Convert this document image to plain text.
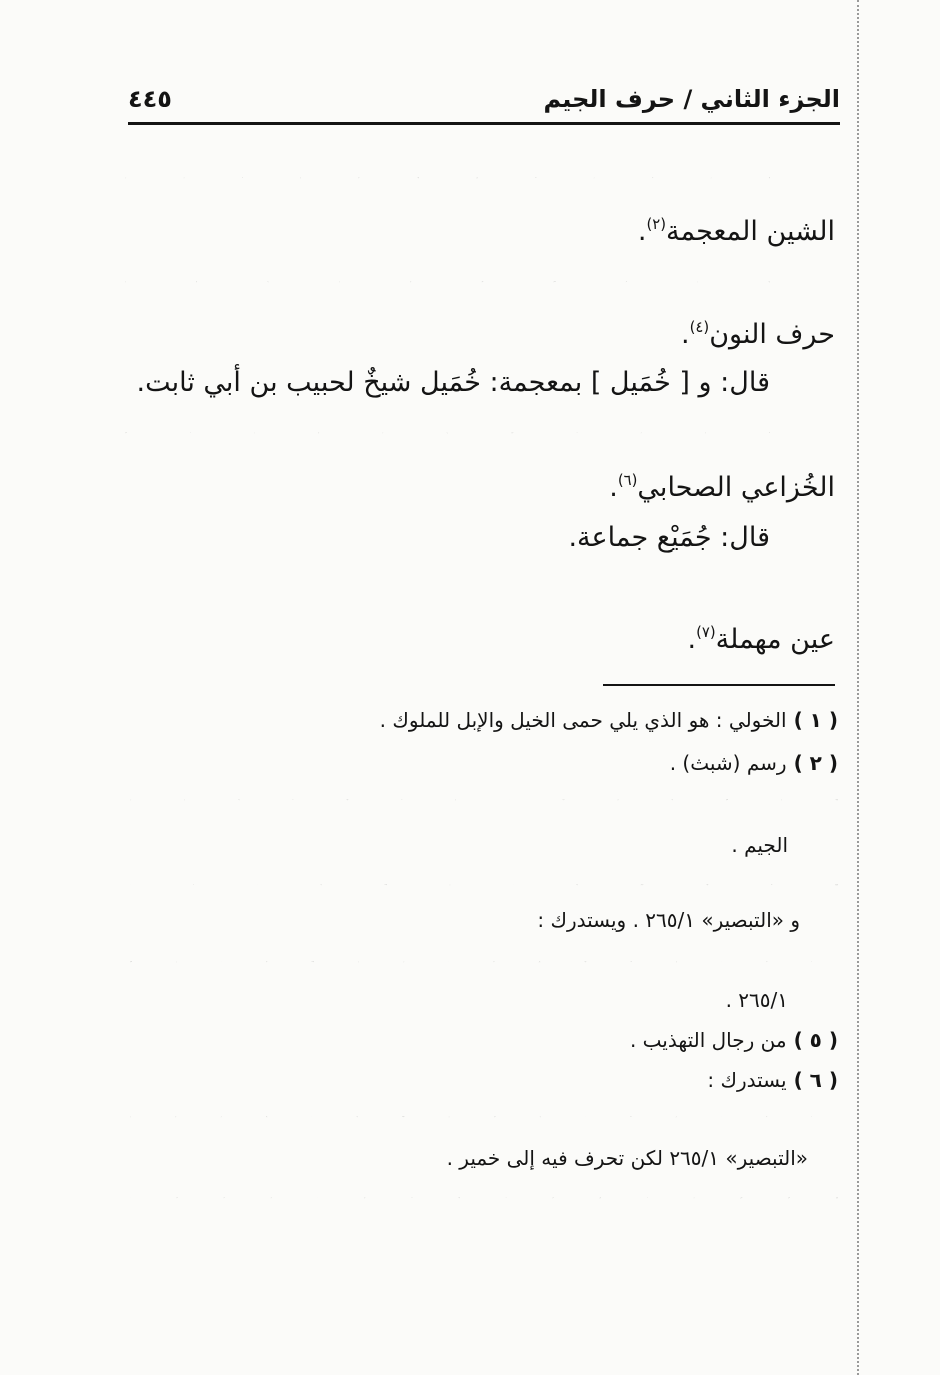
الجزء الثاني / حرف الجيم
٤٤٥
الشين المعجمة$^{(٢)}$.
حرف النون$^{(٤)}$.
قال: و [ خُمَيل ] بمعجمة: خُمَيل شيخٌ لحبيب بن أبي ثابت.
الخُزاعي الصحابي$^{(٦)}$.
قال: جُمَيْع جماعة.
عين مهملة$^{(٧)}$.
( ١ )الخولي : هو الذي يلي حمى الخيل والإبل للملوك .
( ٢ )رسم (شبث) .
الجيم .
و «التبصير» ٢٦٥/١ . ويستدرك :
٢٦٥/١ .
( ٥ )من رجال التهذيب .
( ٦ )يستدرك :
«التبصير» ٢٦٥/١ لكن تحرف فيه إلى خمير .
